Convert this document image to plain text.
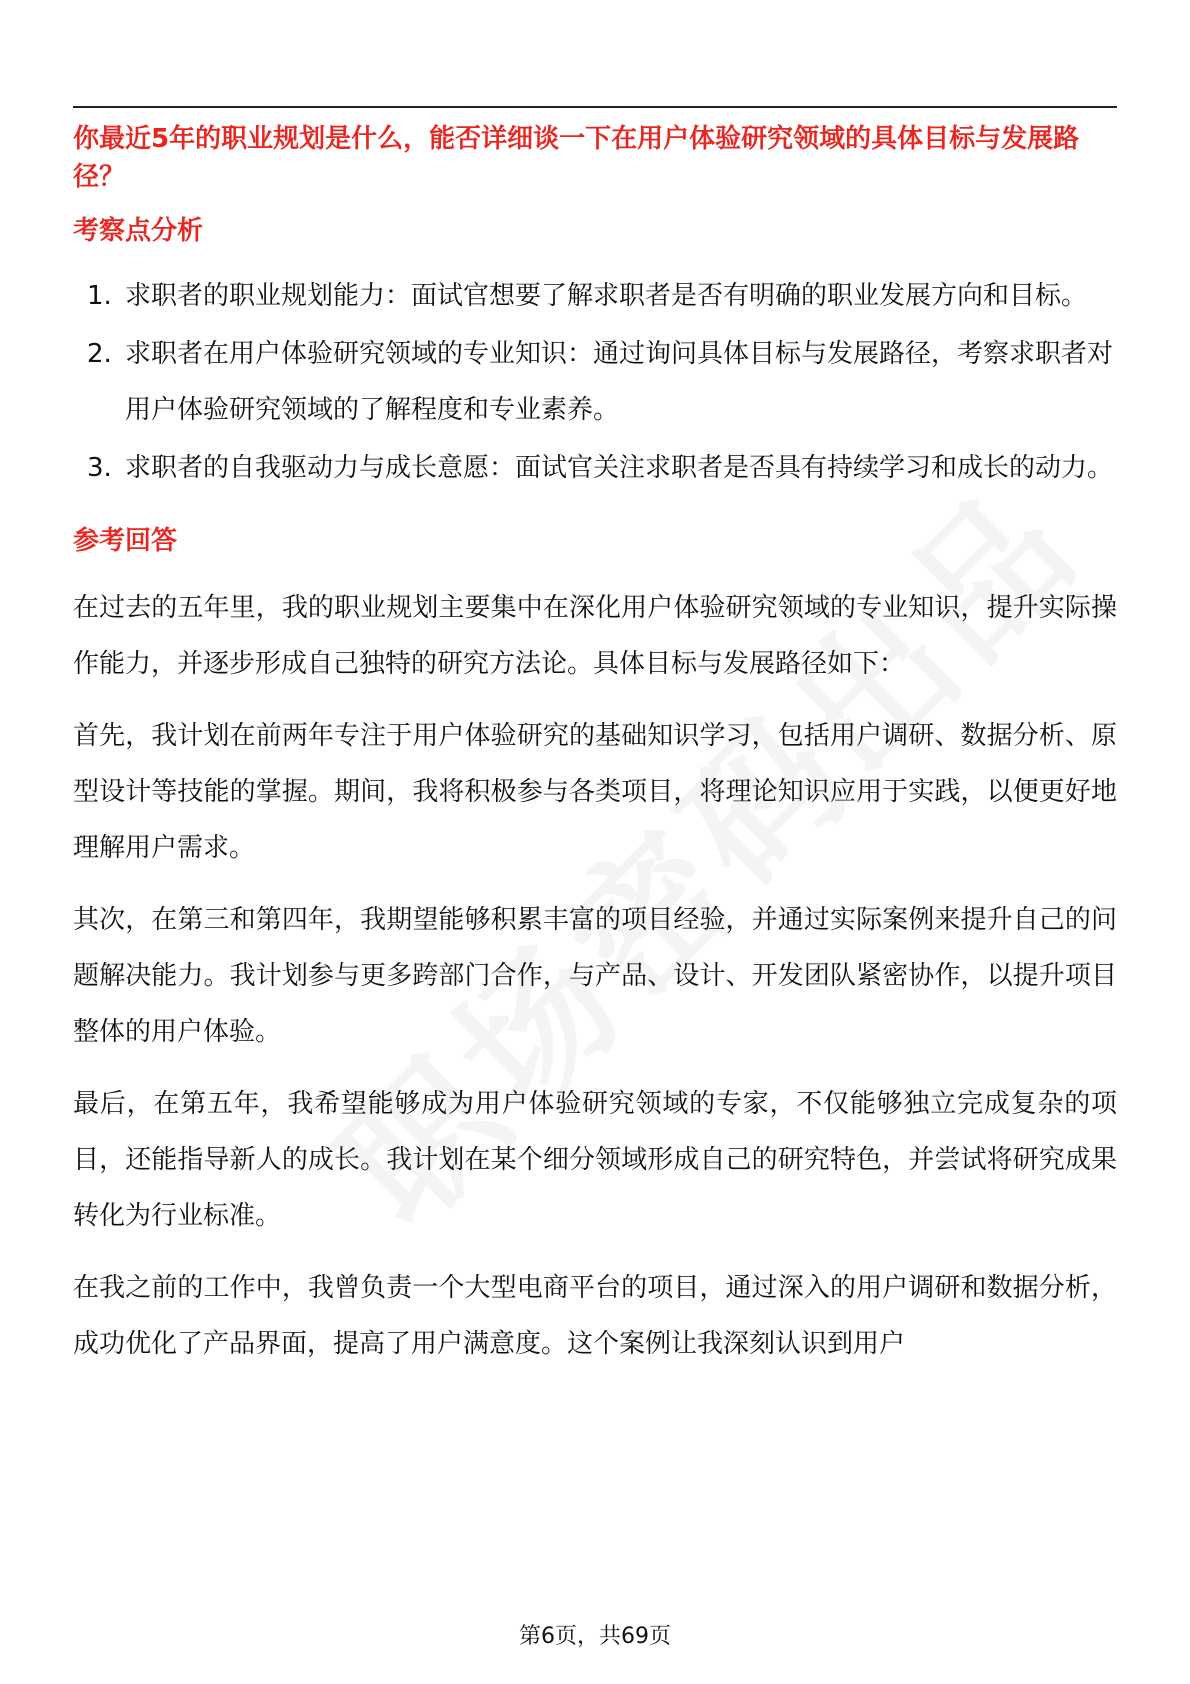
你最近5年的职业规划是什么，能否详细谈一下在用户体验研究领域的具体目标与发展路径？

考察点分析

1. 求职者的职业规划能力：面试官想要了解求职者是否有明确的职业发展方向和目标。
2. 求职者在用户体验研究领域的专业知识：通过询问具体目标与发展路径，考察求职者对用户体验研究领域的了解程度和专业素养。
3. 求职者的自我驱动力与成长意愿：面试官关注求职者是否具有持续学习和成长的动力。

参考回答

在过去的五年里，我的职业规划主要集中在深化用户体验研究领域的专业知识，提升实际操作能力，并逐步形成自己独特的研究方法论。具体目标与发展路径如下：

首先，我计划在前两年专注于用户体验研究的基础知识学习，包括用户调研、数据分析、原型设计等技能的掌握。期间，我将积极参与各类项目，将理论知识应用于实践，以便更好地理解用户需求。

其次，在第三和第四年，我期望能够积累丰富的项目经验，并通过实际案例来提升自己的问题解决能力。我计划参与更多跨部门合作，与产品、设计、开发团队紧密协作，以提升项目整体的用户体验。

最后，在第五年，我希望能够成为用户体验研究领域的专家，不仅能够独立完成复杂的项目，还能指导新人的成长。我计划在某个细分领域形成自己的研究特色，并尝试将研究成果转化为行业标准。

在我之前的工作中，我曾负责一个大型电商平台的项目，通过深入的用户调研和数据分析，成功优化了产品界面，提高了用户满意度。这个案例让我深刻认识到用户

第6页，共69页
